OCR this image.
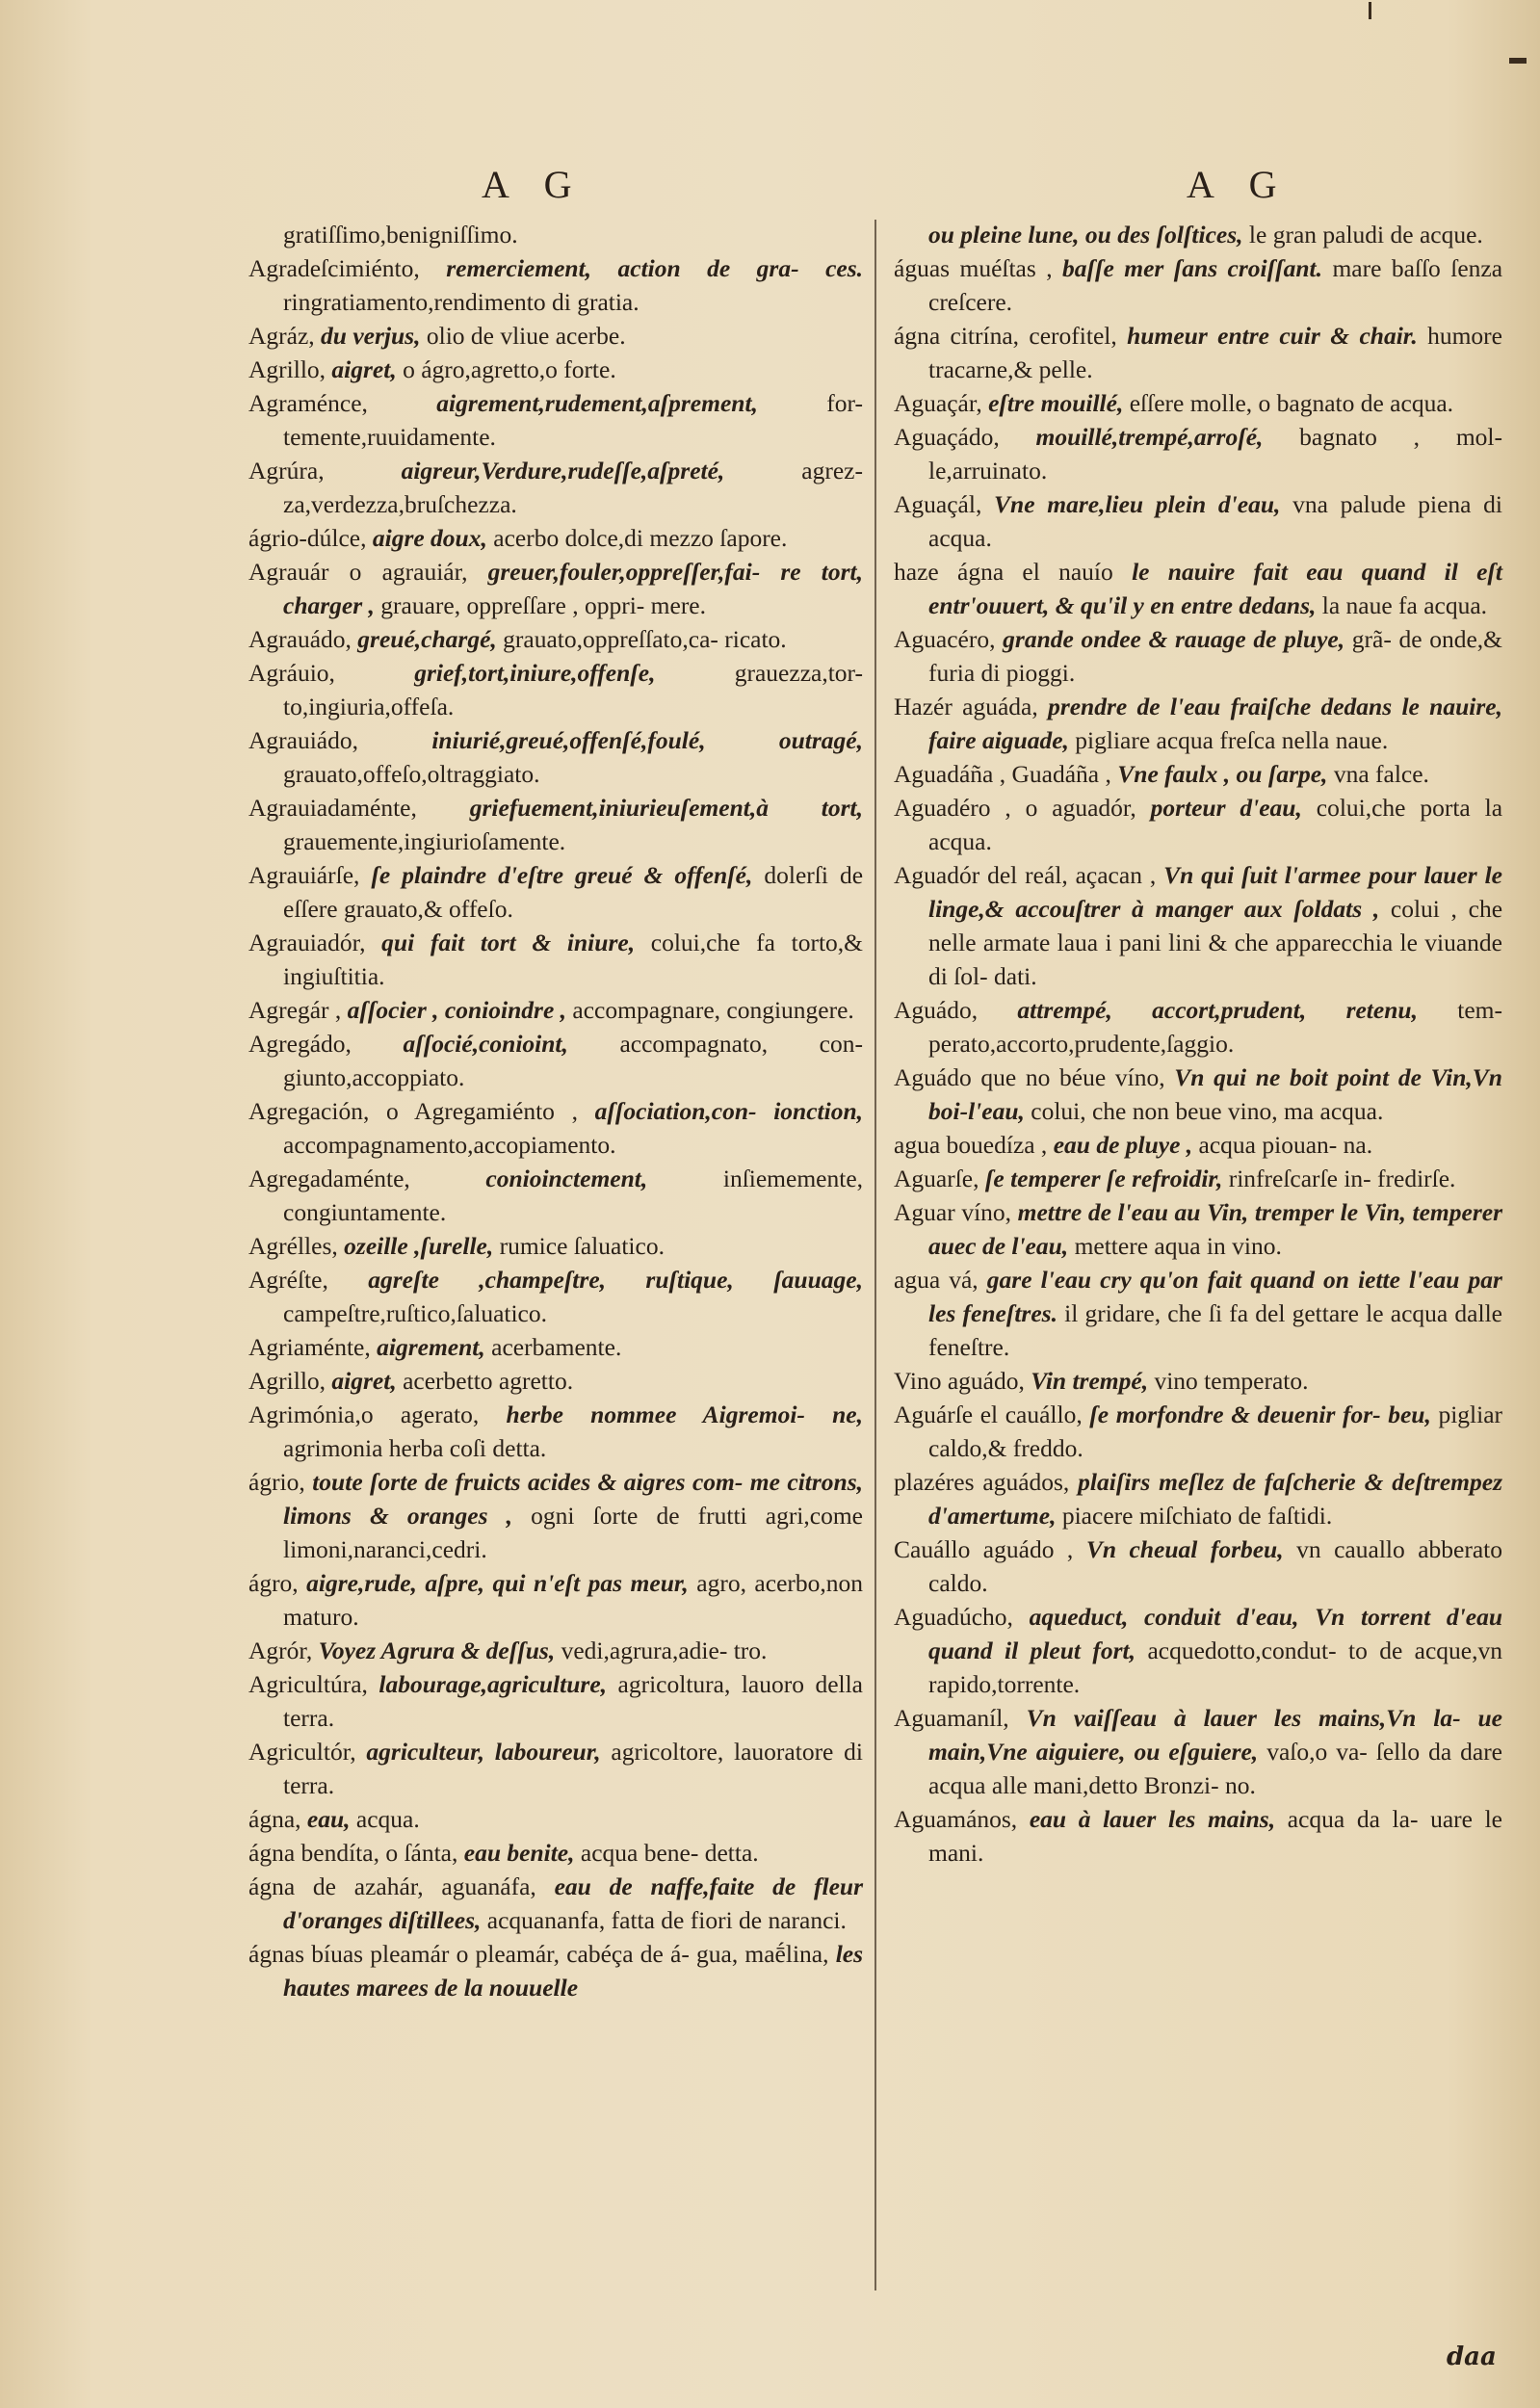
A G	A G

gratiſſimo,benigniſſimo.

Agradeſcimiénto, remerciement, action de gra- ces. ringratiamento,rendimento di gratia.

Agráz, du verjus, olio de vliue acerbe.

Agrillo, aigret, o ágro,agretto,o forte.

Agraménce,	aigrement,rudement,aſprement,	for- temente,ruuidamente.

Agrúra,	aigreur,Verdure,rudeſſe,aſpreté,	agrez- za,verdezza,bruſchezza.

ágrio-dúlce, aigre doux, acerbo dolce,di mezzo ſapore.

Agrauár o agrauiár, greuer,fouler,oppreſſer,fai- re tort, charger , grauare, oppreſſare , oppri- mere.

Agrauádo, greué,chargé, grauato,oppreſſato,ca- ricato.

Agráuio,	grief,tort,iniure,offenſe,	grauezza,tor- to,ingiuria,offeſa.

Agrauiádo,	iniurié,greué,offenſé,foulé, outragé, grauato,offeſo,oltraggiato.

Agrauiadaménte, griefuement,iniurieuſement,à tort, grauemente,ingiurioſamente.

Agrauiárſe, ſe plaindre d'eſtre greué & offenſé, dolerſi de eſſere grauato,& offeſo.

Agrauiadór, qui fait tort & iniure, colui,che fa torto,& ingiuſtitia.

Agregár , aſſocier , conioindre , accompagnare, congiungere.

Agregádo, aſſocié,conioint, accompagnato, con- giunto,accoppiato.

Agregación, o Agregamiénto , aſſociation,con- ionction, accompagnamento,accopiamento.

Agregadaménte,	conioinctement,	inſiememente, congiuntamente.

Agrélles, ozeille ,ſurelle, rumice ſaluatico.

Agréſte, agreſte ,champeſtre, ruſtique, ſauuage, campeſtre,ruſtico,ſaluatico.

Agriaménte, aigrement, acerbamente.

Agrillo, aigret, acerbetto agretto.

Agrimónia,o agerato, herbe nommee Aigremoi- ne, agrimonia herba coſi detta.

ágrio, toute ſorte de fruicts acides & aigres com- me citrons, limons & oranges , ogni ſorte de frutti agri,come limoni,naranci,cedri.

ágro, aigre,rude, aſpre, qui n'eſt pas meur, agro, acerbo,non maturo.

Agrór, Voyez Agrura & deſſus, vedi,agrura,adie- tro.

Agricultúra, labourage,agriculture, agricoltura, lauoro della terra.

Agricultór, agriculteur, laboureur, agricoltore, lauoratore di terra.

ágna, eau, acqua.

ágna bendíta, o ſánta, eau benite, acqua bene- detta.

ágna de azahár, aguanáfa, eau de naffe,faite de fleur d'oranges diſtillees, acquananfa, fatta de fiori de naranci.

ágnas bíuas pleamár o pleamár, cabéça de á- gua, maḗlina, les hautes marees de la nouuelle

ou pleine lune, ou des ſolſtices, le gran paludi de acque.

águas muéſtas , baſſe mer ſans croiſſant. mare baſſo ſenza creſcere.

ágna citrína, cerofitel, humeur entre cuir & chair. humore tracarne,& pelle.

Aguaçár, eſtre mouillé, eſſere molle, o bagnato de acqua.

Aguaçádo, mouillé,trempé,arroſé, bagnato , mol- le,arruinato.

Aguaçál, Vne mare,lieu plein d'eau, vna palude piena di acqua.

haze ágna el nauío le nauire fait eau quand il eſt entr'ouuert, & qu'il y en entre dedans, la naue fa acqua.

Aguacéro, grande ondee & rauage de pluye, grã- de onde,& furia di pioggi.

Hazér aguáda, prendre de l'eau fraiſche dedans le nauire, faire aiguade, pigliare acqua freſca nella naue.

Aguadáña , Guadáña , Vne faulx , ou ſarpe, vna falce.

Aguadéro , o aguadór, porteur d'eau, colui,che porta la acqua.

Aguadór del reál, açacan , Vn qui ſuit l'armee pour lauer le linge,& accouſtrer à manger aux ſoldats , colui , che nelle armate laua i pani lini & che apparecchia le viuande di ſol- dati.

Aguádo, attrempé, accort,prudent, retenu, tem- perato,accorto,prudente,ſaggio.

Aguádo que no béue víno, Vn qui ne boit point de Vin,Vn boi-l'eau, colui, che non beue vino, ma acqua.

agua bouedíza , eau de pluye , acqua piouan- na.

Aguarſe, ſe temperer ſe refroidir, rinfreſcarſe in- fredirſe.

Aguar víno, mettre de l'eau au Vin, tremper le Vin, temperer auec de l'eau, mettere aqua in vino.

agua vá, gare l'eau cry qu'on fait quand on iette l'eau par les feneſtres. il gridare, che ſi fa del gettare le acqua dalle feneſtre.

Vino aguádo, Vin trempé, vino temperato.

Aguárſe el cauállo, ſe morfondre & deuenir for- beu, pigliar caldo,& freddo.

plazéres aguádos, plaiſirs meſlez de faſcherie & deſtrempez d'amertume, piacere miſchiato de faſtidi.

Cauállo aguádo , Vn cheual forbeu, vn cauallo abberato caldo.

Aguadúcho, aqueduct, conduit d'eau, Vn torrent d'eau quand il pleut fort, acquedotto,condut- to de acque,vn rapido,torrente.

Aguamaníl, Vn vaiſſeau à lauer les mains,Vn la- ue main,Vne aiguiere, ou eſguiere, vaſo,o va- ſello da dare acqua alle mani,detto Bronzi- no.

Aguamános, eau à lauer les mains, acqua da la- uare le mani.

daa
